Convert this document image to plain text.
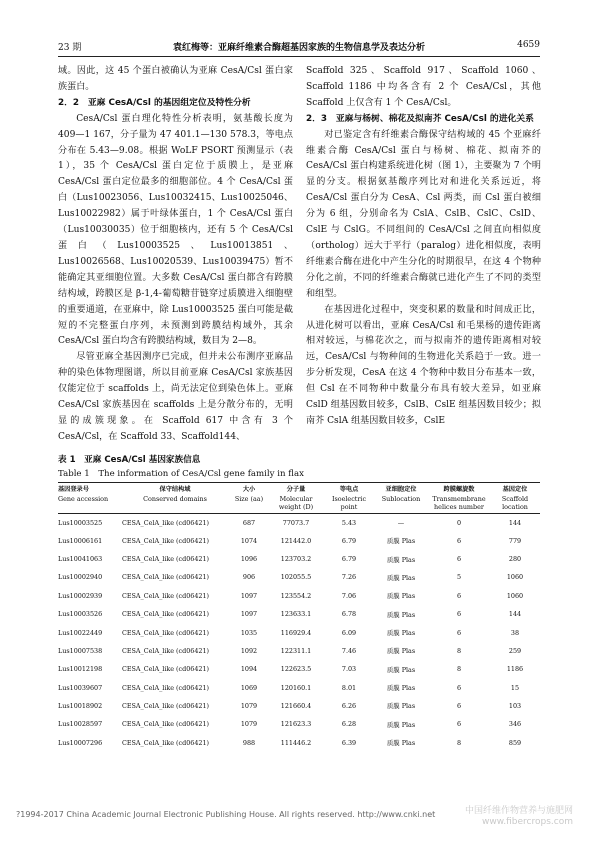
23 期	袁红梅等：亚麻纤维素合酶超基因家族的生物信息学及表达分析	4659

域。因此，这 45 个蛋白被确认为亚麻 CesA/Csl 蛋白家族蛋白。

2．2　亚麻 CesA/Csl 的基因组定位及特性分析

CesA/Csl 蛋白理化特性分析表明，氨基酸长度为 409—1 167，分子量为 47 401.1—130 578.3，等电点分布在 5.43—9.08。根据 WoLF PSORT 预测显示（表 1），35 个 CesA/Csl 蛋白定位于质膜上，是亚麻 CesA/Csl 蛋白定位最多的细胞部位。4 个 CesA/Csl 蛋白（Lus10023056、Lus10032415、Lus10025046、Lus10022982）属于叶绿体蛋白，1 个 CesA/Csl 蛋白（Lus10030035）位于细胞核内，还有 5 个 CesA/Csl 蛋白（Lus10003525、Lus10013851、Lus10026568、Lus10020539、Lus10039475）暂不能确定其亚细胞位置。大多数 CesA/Csl 蛋白都含有跨膜结构域，跨膜区是 β-1,4-葡萄糖苷链穿过质膜进入细胞壁的重要通道，在亚麻中，除 Lus10003525 蛋白可能是截短的不完整蛋白序列，未预测到跨膜结构域外，其余 CesA/Csl 蛋白均含有跨膜结构域，数目为 2—8。

尽管亚麻全基因测序已完成，但并未公布测序亚麻品种的染色体物理图谱，所以目前亚麻 CesA/Csl 家族基因仅能定位于 scaffolds 上，尚无法定位到染色体上。亚麻 CesA/Csl 家族基因在 scaffolds 上是分散分布的，无明显的成簇现象。在 Scaffold 617 中含有 3 个 CesA/Csl，在 Scaffold 33、Scaffold144、

Scaffold 325、Scaffold 917、Scaffold 1060、Scaffold 1186 中均各含有 2 个 CesA/Csl，其他 Scaffold 上仅含有 1 个 CesA/Csl。

2．3　亚麻与杨树、棉花及拟南芥 CesA/Csl 的进化关系

对已鉴定含有纤维素合酶保守结构域的 45 个亚麻纤维素合酶 CesA/Csl 蛋白与杨树、棉花、拟南芥的 CesA/Csl 蛋白构建系统进化树（图 1），主要聚为 7 个明显的分支。根据氨基酸序列比对和进化关系远近，将 CesA/Csl 蛋白分为 CesA、Csl 两类，而 Csl 蛋白被细分为 6 组，分别命名为 CslA、CslB、CslC、CslD、CslE 与 CslG。不同组间的 CesA/Csl 之间直向相似度（ortholog）远大于平行（paralog）进化相似度，表明纤维素合酶在进化中产生分化的时期很早，在这 4 个物种分化之前，不同的纤维素合酶就已进化产生了不同的类型和组型。

在基因进化过程中，突变积累的数量和时间成正比，从进化树可以看出，亚麻 CesA/Csl 和毛果杨的遗传距离相对较远，与棉花次之，而与拟南芥的遗传距离相对较远，CesA/Csl 与物种间的生物进化关系趋于一致。进一步分析发现，CesA 在这 4 个物种中数目分布基本一致，但 Csl 在不同物种中数量分布具有较大差异，如亚麻 CslD 组基因数目较多，CslB、CslE 组基因数目较少；拟南芥 CslA 组基因数目较多，CslE

表 1　亚麻 CesA/Csl 基因家族信息
Table 1　The information of CesA/Csl gene family in flax
基因登录号
Gene accession	保守结构域
Conserved domains	大小
Size (aa)	分子量
Molecular weight (D)	等电点
Isoelectric point	亚细胞定位
Sublocation	跨膜螺旋数
Transmembrane helices number	基因定位
Scaffold location
Lus10003525	CESA_CelA_like (cd06421)	687	77073.7	5.43	—	0	144
Lus10006161	CESA_CelA_like (cd06421)	1074	121442.0	6.79	质膜 Plas	6	779
Lus10041063	CESA_CelA_like (cd06421)	1096	123703.2	6.79	质膜 Plas	6	280
Lus10002940	CESA_CelA_like (cd06421)	906	102055.5	7.26	质膜 Plas	5	1060
Lus10002939	CESA_CelA_like (cd06421)	1097	123554.2	7.06	质膜 Plas	6	1060
Lus10003526	CESA_CelA_like (cd06421)	1097	123633.1	6.78	质膜 Plas	6	144
Lus10022449	CESA_CelA_like (cd06421)	1035	116929.4	6.09	质膜 Plas	6	38
Lus10007538	CESA_CelA_like (cd06421)	1092	122311.1	7.46	质膜 Plas	8	259
Lus10012198	CESA_CelA_like (cd06421)	1094	122623.5	7.03	质膜 Plas	8	1186
Lus10039607	CESA_CelA_like (cd06421)	1069	120160.1	8.01	质膜 Plas	6	15
Lus10018902	CESA_CelA_like (cd06421)	1079	121660.4	6.26	质膜 Plas	6	103
Lus10028597	CESA_CelA_like (cd06421)	1079	121623.3	6.28	质膜 Plas	6	346
Lus10007296	CESA_CelA_like (cd06421)	988	111446.2	6.39	质膜 Plas	8	859
?1994-2017 China Academic Journal Electronic Publishing House. All rights reserved. http://www.cnki.net	中国纤维作物营养与施肥网
www.fibercrops.com
